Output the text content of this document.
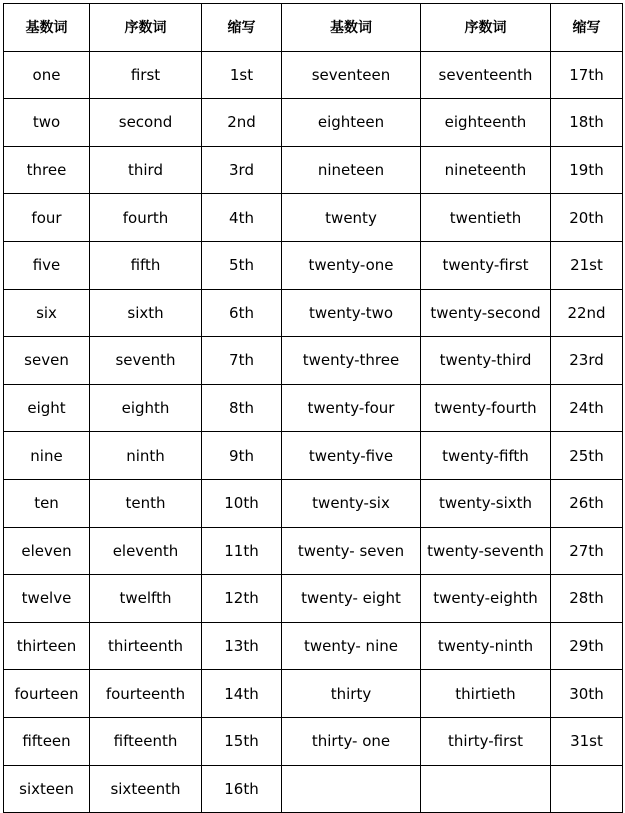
基数词	序数词	缩写	基数词	序数词	缩写
one	first	1st	seventeen	seventeenth	17th
two	second	2nd	eighteen	eighteenth	18th
three	third	3rd	nineteen	nineteenth	19th
four	fourth	4th	twenty	twentieth	20th
five	fifth	5th	twenty-one	twenty-first	21st
six	sixth	6th	twenty-two	twenty-second	22nd
seven	seventh	7th	twenty-three	twenty-third	23rd
eight	eighth	8th	twenty-four	twenty-fourth	24th
nine	ninth	9th	twenty-five	twenty-fifth	25th
ten	tenth	10th	twenty-six	twenty-sixth	26th
eleven	eleventh	11th	twenty- seven	twenty-seventh	27th
twelve	twelfth	12th	twenty- eight	twenty-eighth	28th
thirteen	thirteenth	13th	twenty- nine	twenty-ninth	29th
fourteen	fourteenth	14th	thirty	thirtieth	30th
fifteen	fifteenth	15th	thirty- one	thirty-first	31st
sixteen	sixteenth	16th			
